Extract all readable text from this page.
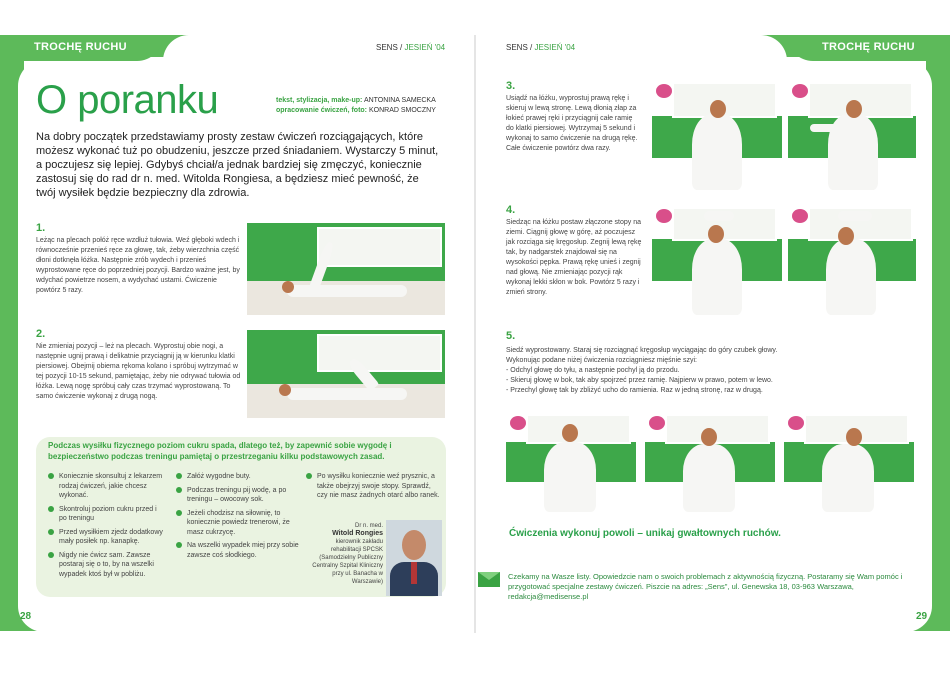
TROCHĘ RUCHU	TROCHĘ RUCHU
SENS / JESIEŃ '04	SENS / JESIEŃ '04
O poranku	tekst, stylizacja, make-up: ANTONINA SAMECKA
opracowanie ćwiczeń, foto: KONRAD SMOCZNY

Na dobry początek przedstawiamy prosty zestaw ćwiczeń rozciągających, które możesz wykonać tuż po obudzeniu, jeszcze przed śniadaniem. Wystarczy 5 minut, a poczujesz się lepiej. Gdybyś chciał/a jednak bardziej się zmęczyć, koniecznie zastosuj się do rad dr n. med. Witolda Rongiesa, a będziesz mieć pewność, że twój wysiłek będzie bezpieczny dla zdrowia.

1.

Leżąc na plecach połóż ręce wzdłuż tułowia. Weź głęboki wdech i równocześnie przenieś ręce za głowę, tak, żeby wierzchnia część dłoni dotknęła łóżka. Następnie zrób wydech i przenieś wyprostowane ręce do poprzedniej pozycji. Bardzo ważne jest, by wdychać powietrze nosem, a wydychać ustami. Ćwiczenie powtórz 5 razy.

2.

Nie zmieniaj pozycji – leż na plecach. Wyprostuj obie nogi, a następnie ugnij prawą i delikatnie przyciągnij ją w kierunku klatki piersiowej. Obejmij obiema rękoma kolano i spróbuj wytrzymać w tej pozycji 10-15 sekund, pamiętając, żeby nie odrywać tułowia od łóżka. Lewą nogę spróbuj cały czas trzymać wyprostowaną. To samo ćwiczenie wykonaj z drugą nogą.

Podczas wysiłku fizycznego poziom cukru spada, dlatego też, by zapewnić sobie wygodę i bezpieczeństwo podczas treningu pamiętaj o przestrzeganiu kilku podstawowych zasad.
Koniecznie skonsultuj z lekarzem rodzaj ćwiczeń, jakie chcesz wykonać.
Skontroluj poziom cukru przed i po treningu
Przed wysiłkiem zjedz dodatkowy mały posiłek np. kanapkę.
Nigdy nie ćwicz sam. Zawsze postaraj się o to, by na wszelki wypadek ktoś był w pobliżu.
Załóż wygodne buty.
Podczas treningu pij wodę, a po treningu – owocowy sok.
Jeżeli chodzisz na siłownię, to koniecznie powiedz trenerowi, że masz cukrzycę.
Na wszelki wypadek miej przy sobie zawsze coś słodkiego.
Po wysiłku koniecznie weź prysznic, a także obejrzyj swoje stopy. Sprawdź, czy nie masz żadnych otarć albo ranek.
Dr n. med.
Witold Rongies
kierownik zakładu rehabilitacji SPCSK (Samodzielny Publiczny Centralny Szpital Kliniczny przy ul. Banacha w Warszawie)
3.

Usiądź na łóżku, wyprostuj prawą rękę i skieruj w lewą stronę. Lewą dłonią złap za łokieć prawej ręki i przyciągnij całe ramię do klatki piersiowej. Wytrzymaj 5 sekund i wykonaj to samo ćwiczenie na drugą rękę. Całe ćwiczenie powtórz dwa razy.

4.

Siedząc na łóżku postaw złączone stopy na ziemi. Ciągnij głowę w górę, aż poczujesz jak rozciąga się kręgosłup. Zegnij lewą rękę tak, by nadgarstek znajdował się na wysokości pępka. Prawą rękę unieś i zegnij nad głową. Nie zmieniając pozycji rąk wykonaj lekki skłon w bok. Powtórz 5 razy i zmień strony.

5.
Siedź wyprostowany. Staraj się rozciągnąć kręgosłup wyciągając do góry czubek głowy.
Wykonując podane niżej ćwiczenia rozciągniesz mięśnie szyi:
- Odchyl głowę do tyłu, a następnie pochyl ją do przodu.
- Skieruj głowę w bok, tak aby spojrzeć przez ramię. Najpierw w prawo, potem w lewo.
- Przechyl głowę tak by zbliżyć ucho do ramienia. Raz w jedną stronę, raz w drugą.
Ćwiczenia wykonuj powoli – unikaj gwałtownych ruchów.

Czekamy na Wasze listy. Opowiedzcie nam o swoich problemach z aktywnością fizyczną. Postaramy się Wam pomóc i przygotować specjalne zestawy ćwiczeń. Piszcie na adres: „Sens", ul. Genewska 18, 03-963 Warszawa, redakcja@medisense.pl

28	29
